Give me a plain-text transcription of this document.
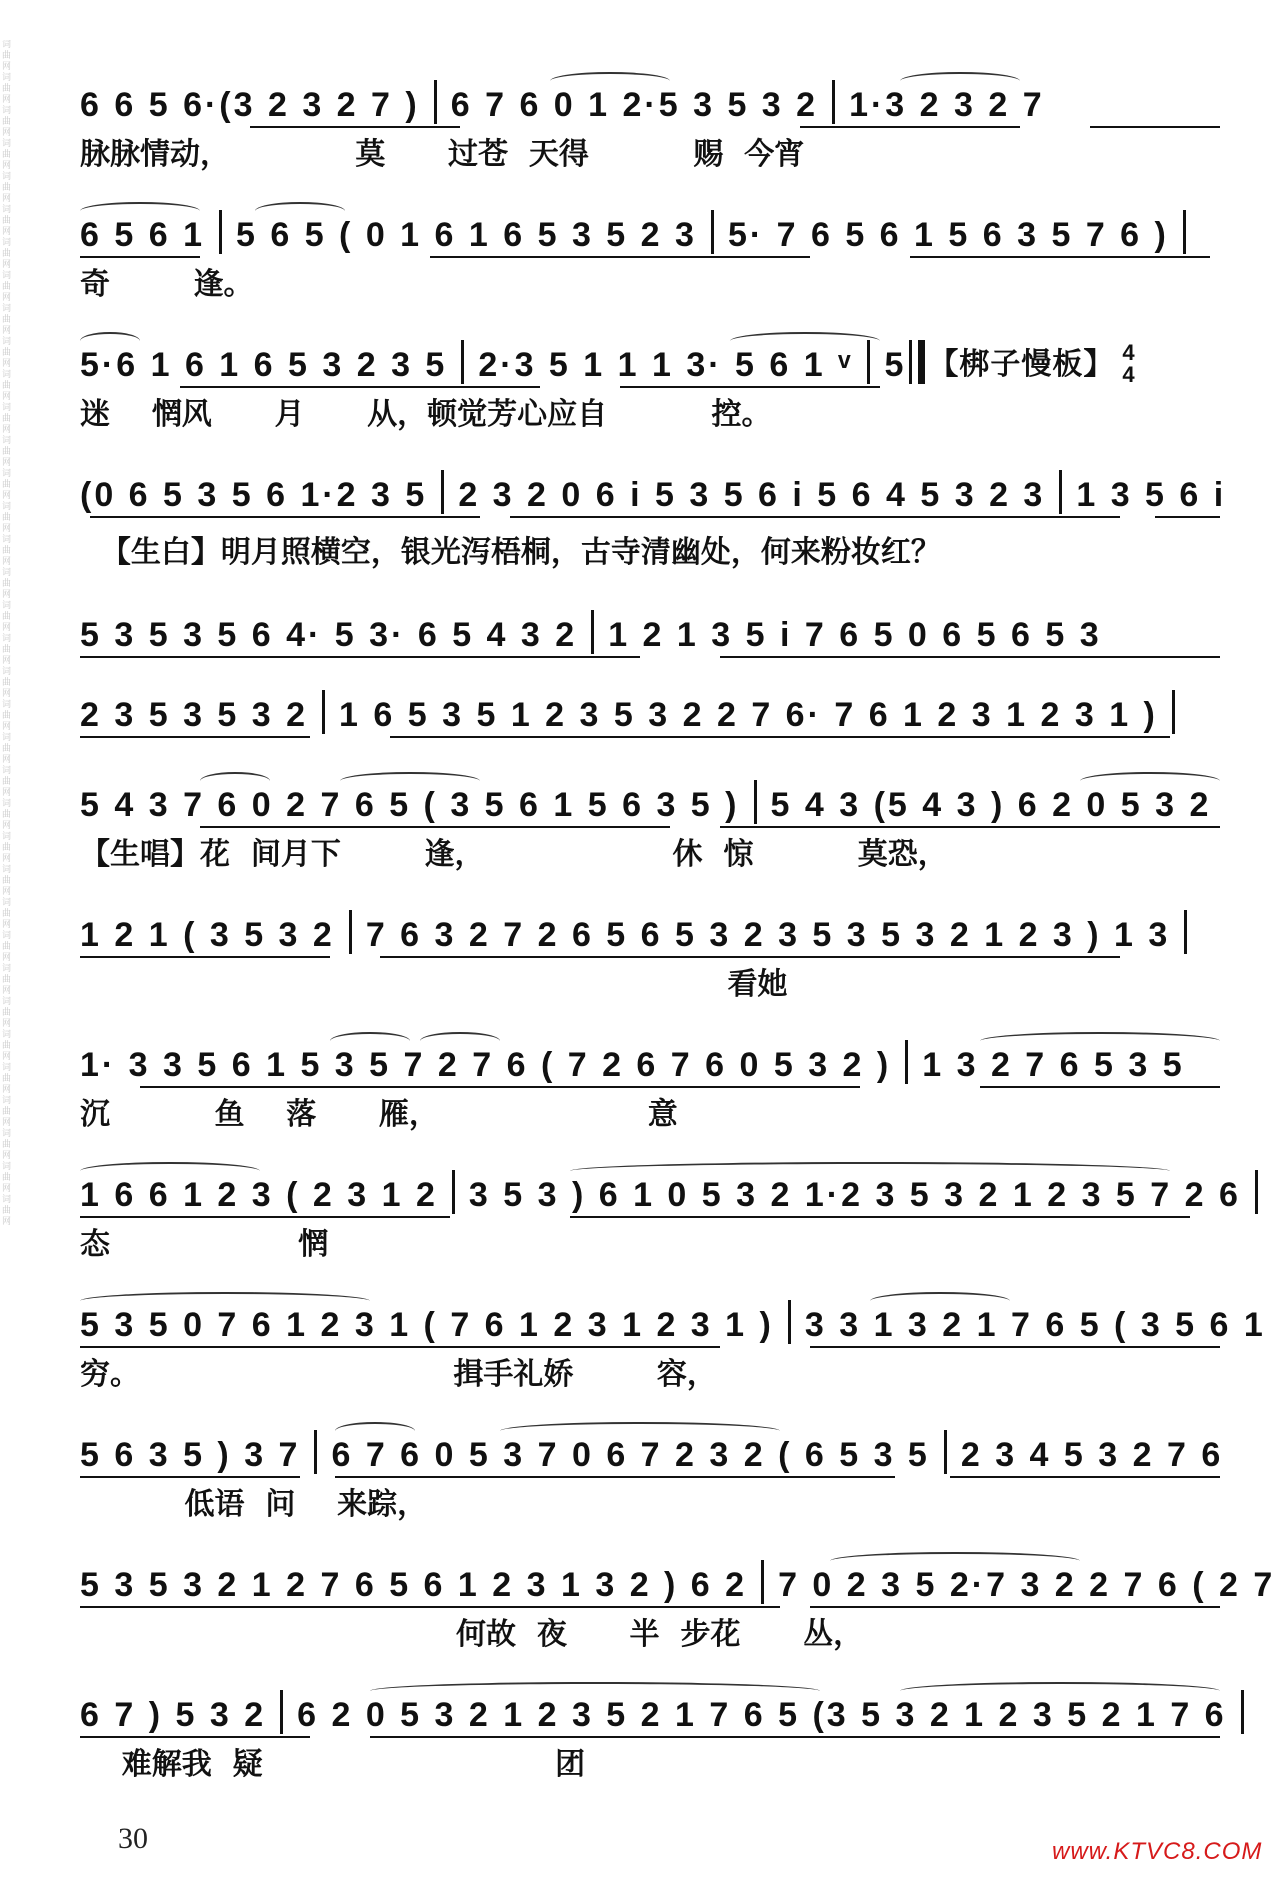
词曲网词曲网词曲网词曲网词曲网词曲网词曲网词曲网词曲网词曲网词曲网词曲网词曲网词曲网词曲网词曲网词曲网词曲网词曲网词曲网词曲网词曲网词曲网词曲网词曲网词曲网词曲网词曲网词曲网词曲网词曲网词曲网词曲网词曲网词曲网词曲网
6 6 5 6·(3 2 3 2 7 ) 6 7 6 0 1 2·5 3 5 3 2 1·3 2 3 2 7
脉脉情动，            莫      过苍  天得          赐  今宵
6 5 6 1 5 6 5 ( 0 1 6 1 6 5 3 5 2 3 5· 7 6 5 6 1 5 6 3 5 7 6 )
奇        逢。
5·6 1 6 1 6 5 3 2 3 5 2·3 5 1 1 1 3· 5 6 1 ᵛ 5 【梆子慢板】 4
4
迷    惘风      月      从，顿觉芳心应自          控。
(0 6 5 3 5 6 1·2 3 5 2 3 2 0 6 i 5 3 5 6 i 5 6 4 5 3 2 3 1 3 5 6 i
【生白】明月照横空，银光泻梧桐，古寺清幽处，何来粉妆红？
5 3 5 3 5 6 4· 5 3· 6 5 4 3 2 1 2 1 3 5 i 7 6 5 0 6 5 6 5 3
2 3 5 3 5 3 2 1 6 5 3 5 1 2 3 5 3 2 2 7 6· 7 6 1 2 3 1 2 3 1 )
5 4 3 7 6 0 2 7 6 5 ( 3 5 6 1 5 6 3 5 ) 5 4 3 (5 4 3 ) 6 2 0 5 3 2
【生唱】花  间月下        逢，                  休  惊          莫恐，
1 2 1 ( 3 5 3 2 7 6 3 2 7 2 6 5 6 5 3 2 3 5 3 5 3 2 1 2 3 ) 1 3
看她
1· 3 3 5 6 1 5 3 5 7 2 7 6 ( 7 2 6 7 6 0 5 3 2 ) 1 3 2 7 6 5 3 5
沉          鱼    落      雁，                    意
1 6 6 1 2 3 ( 2 3 1 2 3 5 3 ) 6 1 0 5 3 2 1·2 3 5 3 2 1 2 3 5 7 2 6
态                  惘
5 3 5 0 7 6 1 2 3 1 ( 7 6 1 2 3 1 2 3 1 ) 3 3 1 3 2 1 7 6 5 ( 3 5 6 1
穷。                              揖手礼娇        容，
5 6 3 5 ) 3 7 6 7 6 0 5 3 7 0 6 7 2 3 2 ( 6 5 3 5 2 3 4 5 3 2 7 6
低语  问    来踪，
5 3 5 3 2 1 2 7 6 5 6 1 2 3 1 3 2 ) 6 2 7 0 2 3 5 2·7 3 2 2 7 6 ( 2 7
何故  夜      半  步花      丛，
6 7 ) 5 3 2 6 2 0 5 3 2 1 2 3 5 2 1 7 6 5 (3 5 3 2 1 2 3 5 2 1 7 6
难解我  疑                            团
30	www.KTVC8.COM
